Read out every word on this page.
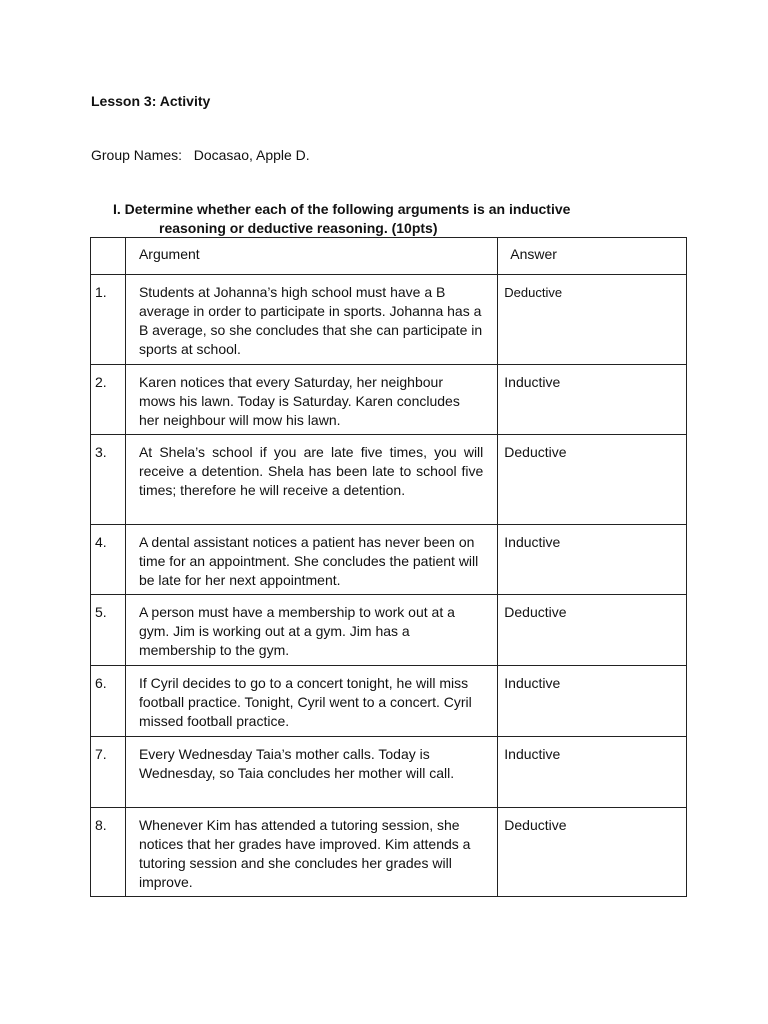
Lesson 3: Activity
Group Names: Docasao, Apple D.
I. Determine whether each of the following arguments is an inductive
reasoning or deductive reasoning. (10pts)
	Argument	Answer
1.	Students at Johanna’s high school must have a B average in order to participate in sports. Johanna has a B average, so she concludes that she can participate in sports at school.	Deductive
2.	Karen notices that every Saturday, her neighbour mows his lawn. Today is Saturday. Karen concludes her neighbour will mow his lawn.	Inductive
3.	At Shela’s school if you are late five times, you will receive a detention. Shela has been late to school five times; therefore he will receive a detention.	Deductive
4.	A dental assistant notices a patient has never been on time for an appointment. She concludes the patient will be late for her next appointment.	Inductive
5.	A person must have a membership to work out at a gym. Jim is working out at a gym. Jim has a membership to the gym.	Deductive
6.	If Cyril decides to go to a concert tonight, he will miss football practice. Tonight, Cyril went to a concert. Cyril missed football practice.	Inductive
7.	Every Wednesday Taia’s mother calls. Today is Wednesday, so Taia concludes her mother will call.	Inductive
8.	Whenever Kim has attended a tutoring session, she notices that her grades have improved. Kim attends a tutoring session and she concludes her grades will improve.	Deductive
